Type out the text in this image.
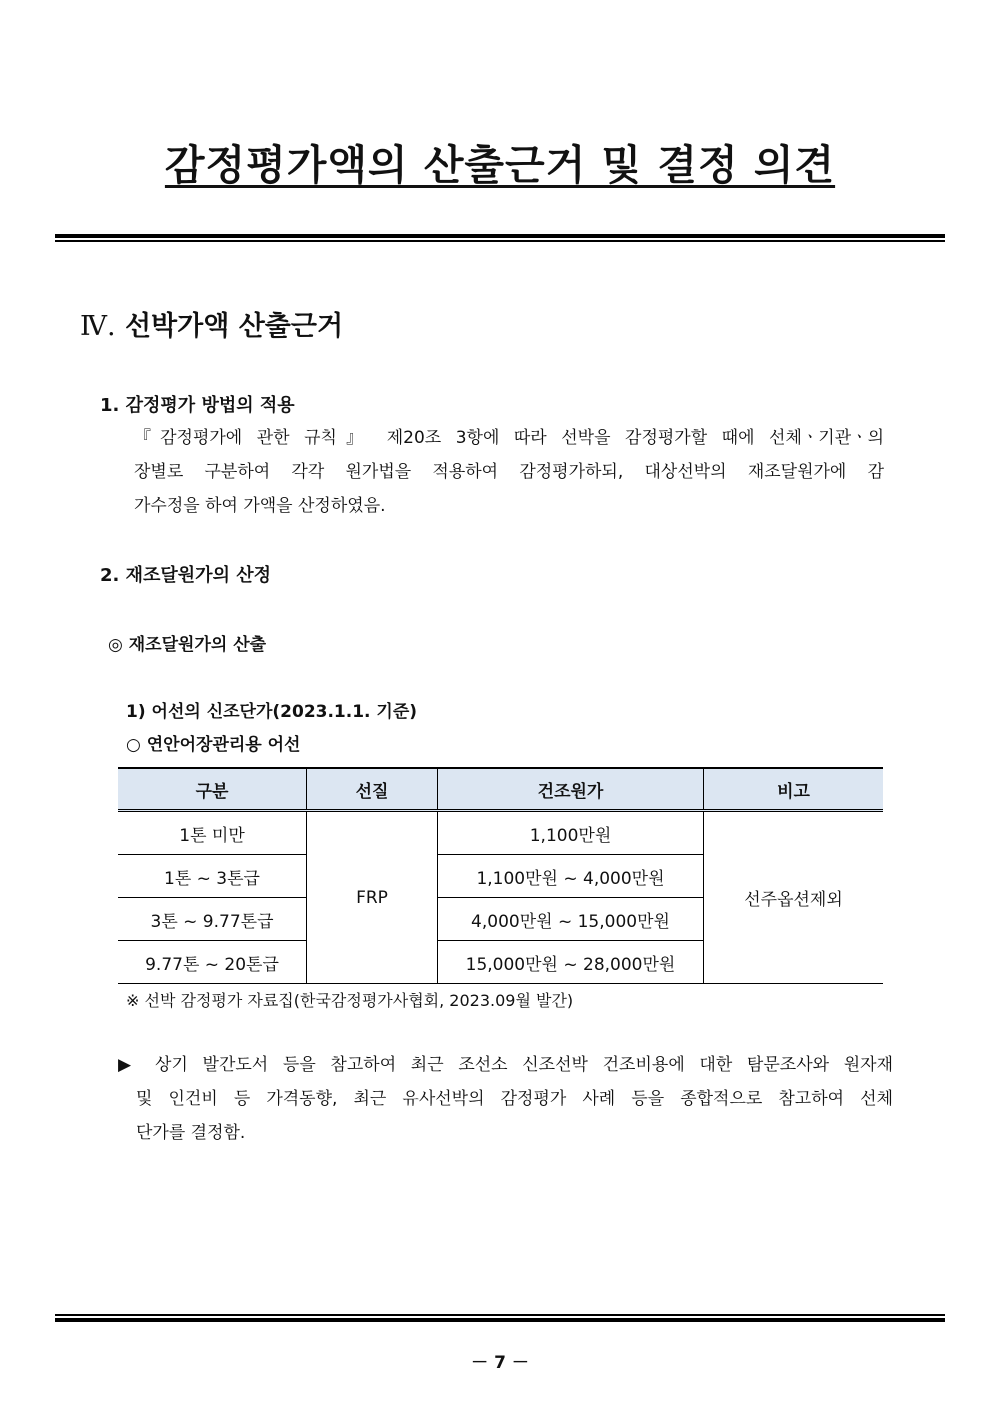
감정평가액의 산출근거 및 결정 의견
Ⅳ. 선박가액 산출근거
1. 감정평가 방법의 적용
『감정평가에 관한 규칙』 제20조 3항에 따라 선박을 감정평가할 때에 선체ㆍ기관ㆍ의
장별로 구분하여 각각 원가법을 적용하여 감정평가하되, 대상선박의 재조달원가에 감
가수정을 하여 가액을 산정하였음.
2. 재조달원가의 산정
◎ 재조달원가의 산출
1) 어선의 신조단가(2023.1.1. 기준)
○ 연안어장관리용 어선
구분	선질	건조원가	비고
1톤 미만	FRP	1,100만원	선주옵션제외
1톤 ~ 3톤급		1,100만원 ~ 4,000만원	
3톤 ~ 9.77톤급		4,000만원 ~ 15,000만원	
9.77톤 ~ 20톤급		15,000만원 ~ 28,000만원	
※ 선박 감정평가 자료집(한국감정평가사협회, 2023.09월 발간)
▶ 상기 발간도서 등을 참고하여 최근 조선소 신조선박 건조비용에 대한 탐문조사와 원자재
및 인건비 등 가격동향, 최근 유사선박의 감정평가 사례 등을 종합적으로 참고하여 선체
단가를 결정함.
－ 7 －
